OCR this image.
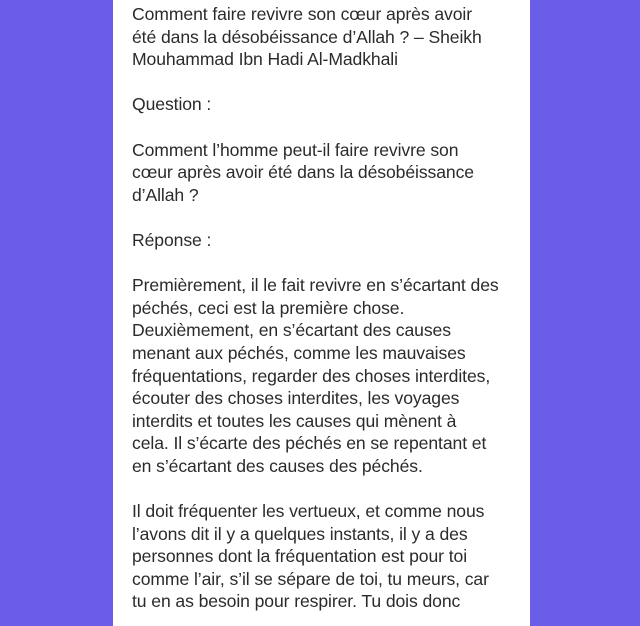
Comment faire revivre son cœur après avoir
été dans la désobéissance d’Allah ? – Sheikh
Mouhammad Ibn Hadi Al-Madkhali
Question :
Comment l’homme peut-il faire revivre son
cœur après avoir été dans la désobéissance
d’Allah ?
Réponse :
Premièrement, il le fait revivre en s’écartant des
péchés, ceci est la première chose.
Deuxièmement, en s’écartant des causes
menant aux péchés, comme les mauvaises
fréquentations, regarder des choses interdites,
écouter des choses interdites, les voyages
interdits et toutes les causes qui mènent à
cela. Il s’écarte des péchés en se repentant et
en s’écartant des causes des péchés.
Il doit fréquenter les vertueux, et comme nous
l’avons dit il y a quelques instants, il y a des
personnes dont la fréquentation est pour toi
comme l’air, s’il se sépare de toi, tu meurs, car
tu en as besoin pour respirer. Tu dois donc
